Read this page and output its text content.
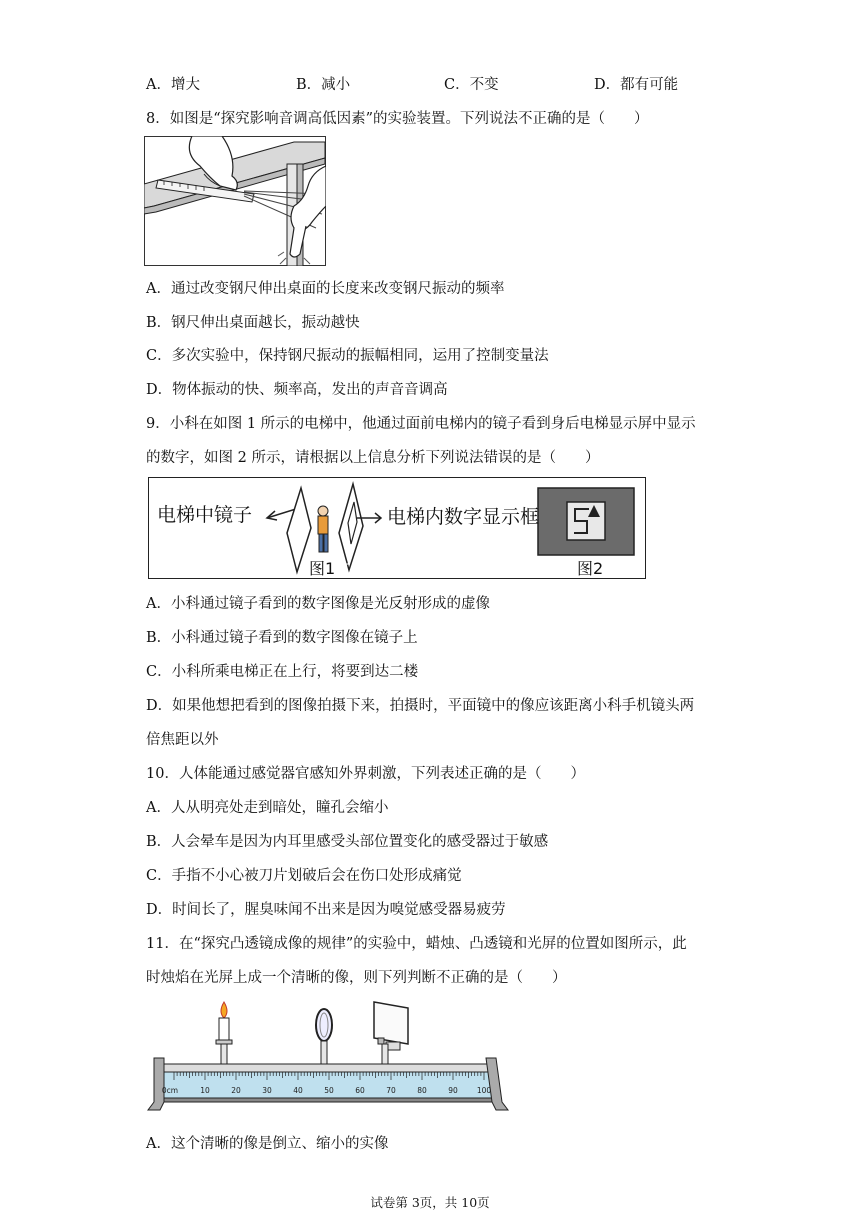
A．增大	B．减小	C．不变	D．都有可能
8．如图是“探究影响音调高低因素”的实验装置。下列说法不正确的是（　　）
A．通过改变钢尺伸出桌面的长度来改变钢尺振动的频率
B．钢尺伸出桌面越长，振动越快
C．多次实验中，保持钢尺振动的振幅相同，运用了控制变量法
D．物体振动的快、频率高，发出的声音音调高
9．小科在如图 1 所示的电梯中，他通过面前电梯内的镜子看到身后电梯显示屏中显示
的数字，如图 2 所示，请根据以上信息分析下列说法错误的是（　　）
电梯中镜子	电梯内数字显示框
图1	图2
A．小科通过镜子看到的数字图像是光反射形成的虚像
B．小科通过镜子看到的数字图像在镜子上
C．小科所乘电梯正在上行，将要到达二楼
D．如果他想把看到的图像拍摄下来，拍摄时，平面镜中的像应该距离小科手机镜头两
倍焦距以外
10．人体能通过感觉器官感知外界刺激，下列表述正确的是（　　）
A．人从明亮处走到暗处，瞳孔会缩小
B．人会晕车是因为内耳里感受头部位置变化的感受器过于敏感
C．手指不小心被刀片划破后会在伤口处形成痛觉
D．时间长了，腥臭味闻不出来是因为嗅觉感受器易疲劳
11．在“探究凸透镜成像的规律”的实验中，蜡烛、凸透镜和光屏的位置如图所示，此
时烛焰在光屏上成一个清晰的像，则下列判断不正确的是（　　）
0cm	10	20	30	40	50	60	70	80	90	100
A．这个清晰的像是倒立、缩小的实像
试卷第 3页，共 10页
